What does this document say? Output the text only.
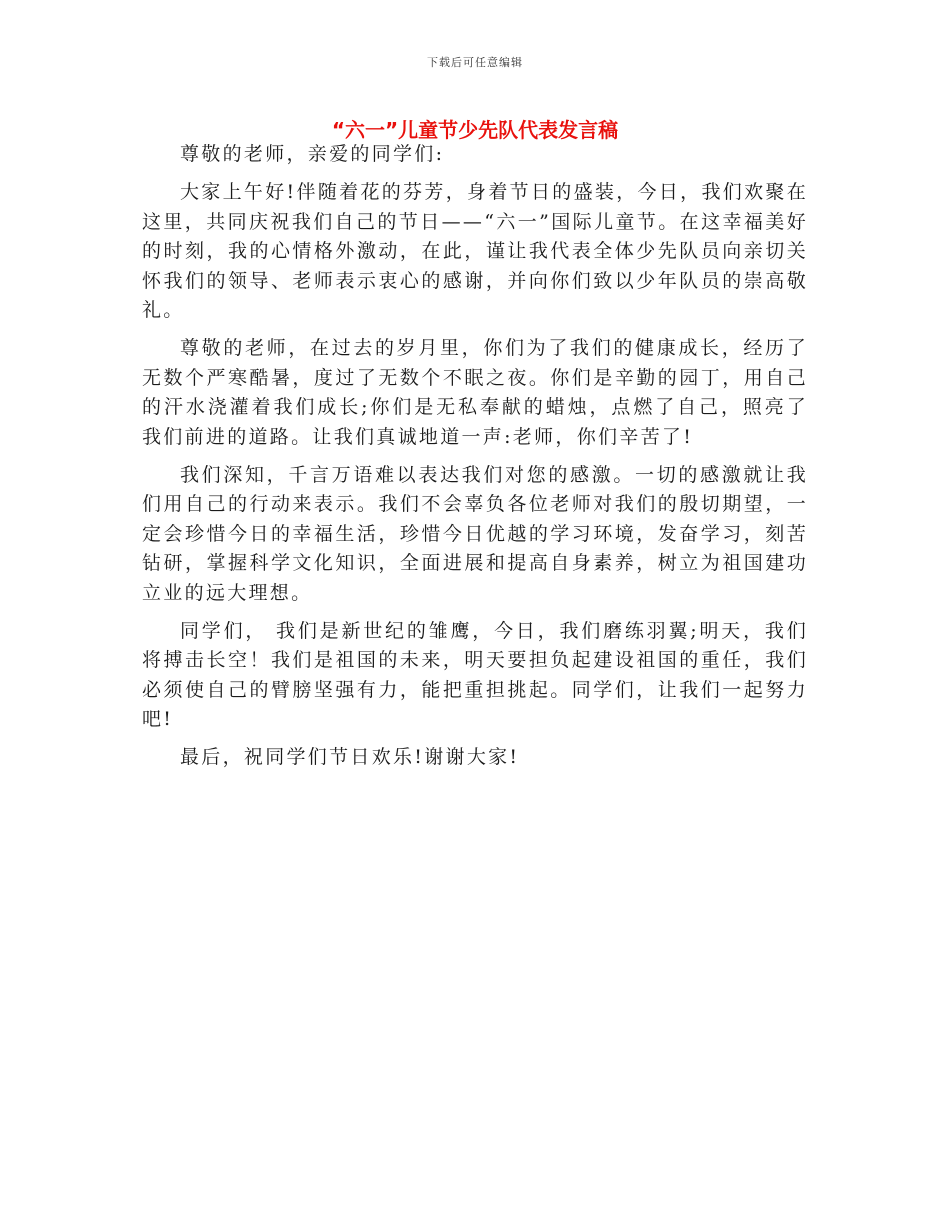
下载后可任意编辑
“六一”儿童节少先队代表发言稿

尊敬的老师，亲爱的同学们:

大家上午好!伴随着花的芬芳，身着节日的盛装，今日，我们欢聚在这里，共同庆祝我们自己的节日——“六一”国际儿童节。在这幸福美好的时刻，我的心情格外激动，在此，谨让我代表全体少先队员向亲切关怀我们的领导、老师表示衷心的感谢，并向你们致以少年队员的崇高敬礼。

尊敬的老师，在过去的岁月里，你们为了我们的健康成长，经历了无数个严寒酷暑，度过了无数个不眠之夜。你们是辛勤的园丁，用自己的汗水浇灌着我们成长;你们是无私奉献的蜡烛，点燃了自己，照亮了我们前进的道路。让我们真诚地道一声:老师，你们辛苦了!

我们深知，千言万语难以表达我们对您的感激。一切的感激就让我们用自己的行动来表示。我们不会辜负各位老师对我们的殷切期望，一定会珍惜今日的幸福生活，珍惜今日优越的学习环境，发奋学习，刻苦钻研，掌握科学文化知识，全面进展和提高自身素养，树立为祖国建功立业的远大理想。

同学们， 我们是新世纪的雏鹰，今日，我们磨练羽翼;明天，我们将搏击长空！我们是祖国的未来，明天要担负起建设祖国的重任，我们必须使自己的臂膀坚强有力，能把重担挑起。同学们，让我们一起努力吧!

最后，祝同学们节日欢乐!谢谢大家!
